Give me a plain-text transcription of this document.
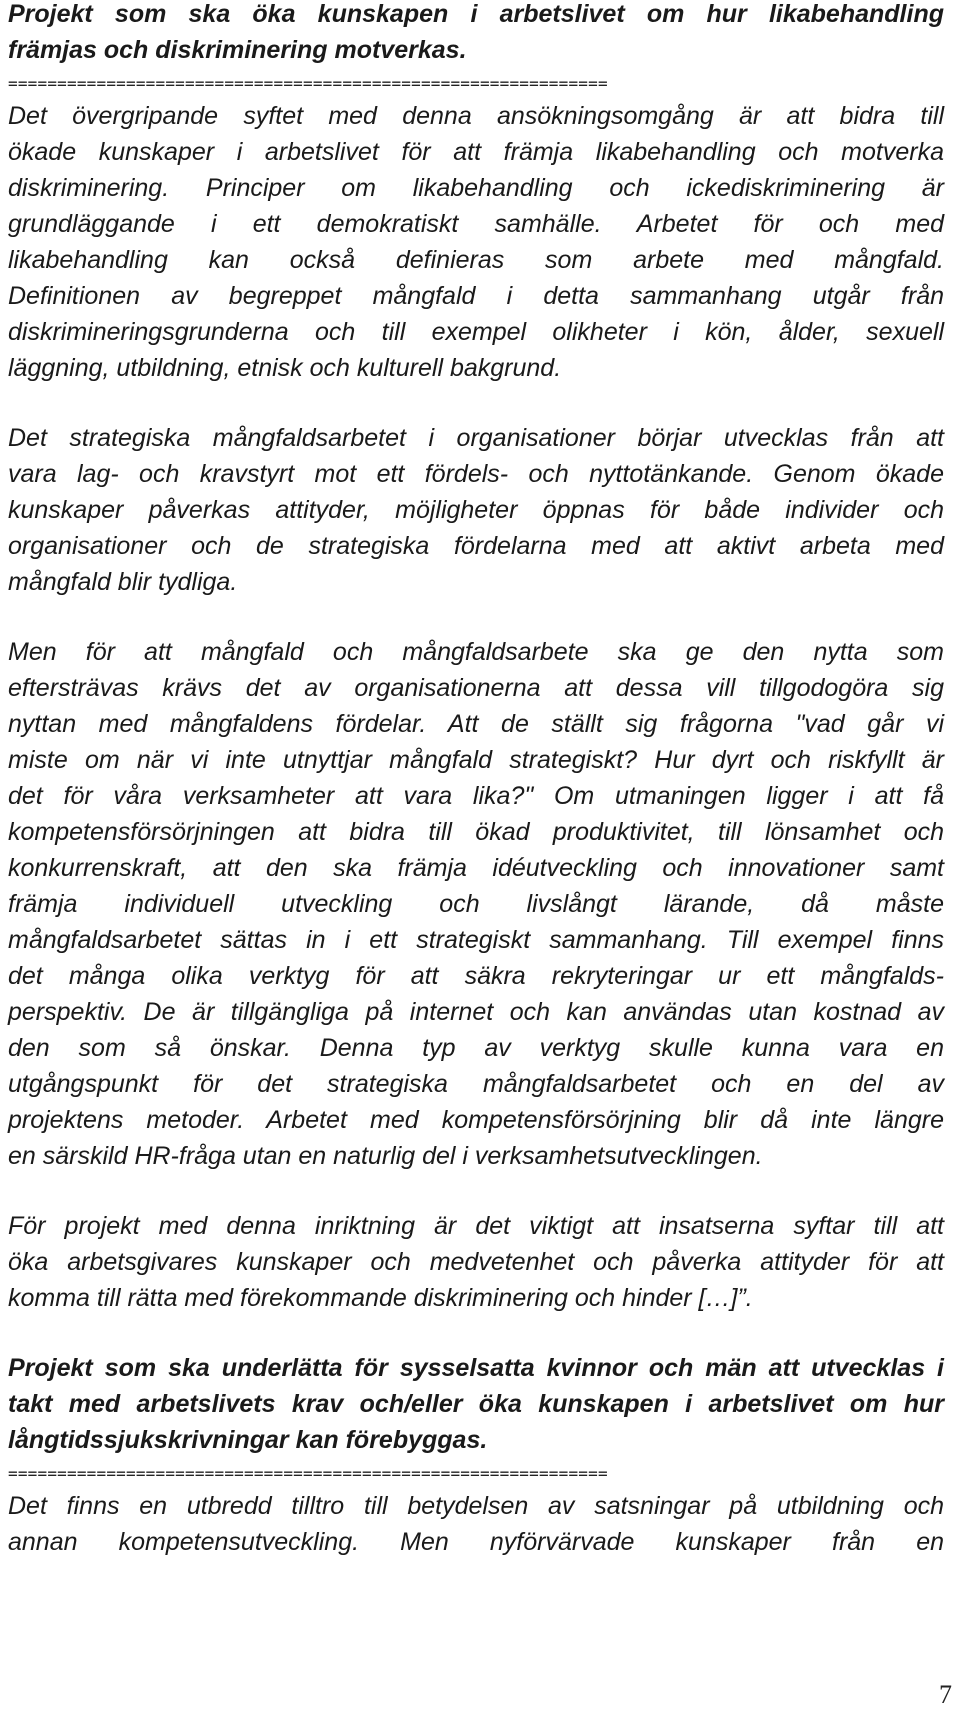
Projekt som ska öka kunskapen i arbetslivet om hur likabehandling
främjas och diskriminering motverkas.
=============================================================
Det övergripande syftet med denna ansökningsomgång är att bidra till
ökade kunskaper i arbetslivet för att främja likabehandling och motverka
diskriminering. Principer om likabehandling och ickediskriminering är
grundläggande i ett demokratiskt samhälle. Arbetet för och med
likabehandling kan också definieras som arbete med mångfald.
Definitionen av begreppet mångfald i detta sammanhang utgår från
diskrimineringsgrunderna och till exempel olikheter i kön, ålder, sexuell
läggning, utbildning, etnisk och kulturell bakgrund.
Det strategiska mångfaldsarbetet i organisationer börjar utvecklas från att
vara lag- och kravstyrt mot ett fördels- och nyttotänkande. Genom ökade
kunskaper påverkas attityder, möjligheter öppnas för både individer och
organisationer och de strategiska fördelarna med att aktivt arbeta med
mångfald blir tydliga.
Men för att mångfald och mångfaldsarbete ska ge den nytta som
eftersträvas krävs det av organisationerna att dessa vill tillgodogöra sig
nyttan med mångfaldens fördelar. Att de ställt sig frågorna "vad går vi
miste om när vi inte utnyttjar mångfald strategiskt? Hur dyrt och riskfyllt är
det för våra verksamheter att vara lika?" Om utmaningen ligger i att få
kompetensförsörjningen att bidra till ökad produktivitet, till lönsamhet och
konkurrenskraft, att den ska främja idéutveckling och innovationer samt
främja individuell utveckling och livslångt lärande, då måste
mångfaldsarbetet sättas in i ett strategiskt sammanhang. Till exempel finns
det många olika verktyg för att säkra rekryteringar ur ett mångfalds-
perspektiv. De är tillgängliga på internet och kan användas utan kostnad av
den som så önskar. Denna typ av verktyg skulle kunna vara en
utgångspunkt för det strategiska mångfaldsarbetet och en del av
projektens metoder. Arbetet med kompetensförsörjning blir då inte längre
en särskild HR-fråga utan en naturlig del i verksamhetsutvecklingen.
För projekt med denna inriktning är det viktigt att insatserna syftar till att
öka arbetsgivares kunskaper och medvetenhet och påverka attityder för att
komma till rätta med förekommande diskriminering och hinder […]”.
Projekt som ska underlätta för sysselsatta kvinnor och män att utvecklas i
takt med arbetslivets krav och/eller öka kunskapen i arbetslivet om hur
långtidssjukskrivningar kan förebyggas.
=============================================================
Det finns en utbredd tilltro till betydelsen av satsningar på utbildning och
annan kompetensutveckling. Men nyförvärvade kunskaper från en
7
